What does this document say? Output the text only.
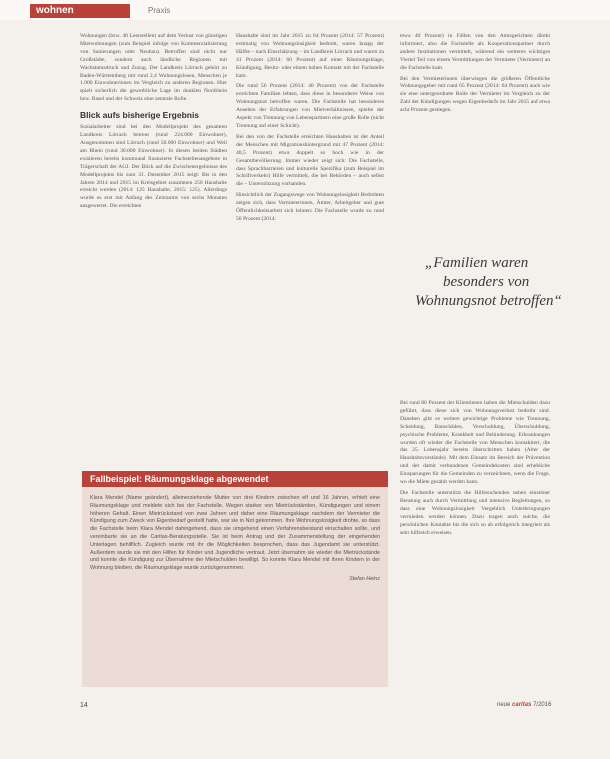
wohnen	Praxis

Wohnungen (bzw. 40 Leerstellen) auf dem Verlust von günstigen Mietwohnungen (zum Beispiel infolge von Kommerzialisierung von Sanierungen oder Neubau). Betroffen sind nicht nur Großstädte, sondern auch ländliche Regionen mit Wachstumsdruck und Zuzug. Der Landkreis Lörrach gehört zu Baden-Württemberg mit rund 2,4 Wohnungslosen, Menschen je 1.000 Einwohnerinnen im Vergleich zu anderen Regionen. Hier spielt sicherlich die gewerbliche Lage im dunklen Nordrhein bzw. Basel und der Schweiz eine zentrale Rolle.

Blick aufs bisherige Ergebnis

Sozialarbeiter sind bei den Modellprojekt des gesamten Landkreis Lörrach betreut (rund 224.000 Einwohner), Ausgenommen sind Lörrach (rund 50.000 Einwohner) und Weil am Rhein (rund 30.000 Einwohner). In diesen beiden Städten existieren bereits kommunal finanzierte Fachstellenangebote in Trägerschaft der AGJ. Der Blick auf die Zwischenergebnisse des Modellprojekts bis zum 31. Dezember 2015 zeigt: Bis in den Jahren 2014 und 2015 im Kreisgebiet zusammen 250 Haushalte erreicht werden (2014: 125 Haushalte, 2015: 125). Allerdings wurde es erst mit Anfang des Zeitraums von sechs Monaten ausgewertet. Die erreichten

Haushalte sind im Jahr 2015 zu 64 Prozent (2014: 57 Prozent) erstmalig von Wohnungslosigkeit bedroht, waren knapp der Hälfte – nach Einschätzung – im Landkreis Lörrach und waren zu 41 Prozent (2014: 60 Prozent) auf einer Räumungsklage, Kündigung, Besitz- oder einem hohen Kontakt mit der Fachstelle kam.

Die rund 56 Prozent (2014: 40 Prozent) von der Fachstelle erreichten Familien lebten, dass diese in besonderer Weise von Wohnungsnot betroffen waren. Die Fachstelle hat besonderes Ansehen der Erfahrungen von Mietverhältnissen, spielte der Aspekt von Trennung von Lebenspartnern eine große Rolle (nicht Trennung auf einer Schicht).

Bei den von der Fachstelle erreichten Haushalten ist der Anteil der Menschen mit Migrationshintergrund mit 47 Prozent (2014: 40,5 Prozent) etwa doppelt so hoch wie in der Gesamtbevölkerung. Immer wieder zeigt sich: Die Fachstelle, dass Sprachbarrieren und kulturelle Spezifika (zum Beispiel im Schriftverkehr) Hilfe vermittelt, die bei Behörden – auch selbst die – Unterstützung vorhanden.

Hinsichtlich der Zugangswege von Wohnungslosigkeit Bedrohten zeigen sich, dass Vermieterinnen, Ämter, Arbeitgeber und gute Öffentlichkeitsarbeit sich lohnen: Die Fachstelle wurde zu rund 50 Prozent (2014:

etwa 40 Prozent) in Fällen von den Amtsgerichten direkt informiert, also die Fachstelle als Kooperationspartner durch andere Institutionen vermittelt, während ein weiteres wichtiges Viertel Teil von einem Vermittlungen der Vermieter (Vermieter) an die Fachstelle kam.

Bei den Vermieterinnen überwiegen die größeren Öffentliche Wohnungsgeber mit rund 65 Prozent (2014: 64 Prozent) auch wie sie eine untergeordnete Rolle der Vermieter im Vergleich zu der Zahl der Kündigungen wegen Eigenbedarfs im Jahr 2015 auf etwa acht Prozent gestiegen.

„Familien waren
besonders von
Wohnungsnot betroffen“

Bei rund 80 Prozent der Klientinnen haben die Mietschulden dazu geführt, dass diese sich von Wohnungsverlust bedroht sind. Daneben gibt es weitere gewichtige Probleme wie Trennung, Scheidung, Bauschäden, Verschuldung, Überschuldung, psychische Probleme, Krankheit und Behinderung. Erkrankungen wurden oft wieder die Fachstelle von Menschen kontaktiert, die das 25. Lebensjahr bereits überschritten haben (Alter der Haushaltsvorstände). Mit dem Einsatz im Bereich der Prävention und der damit verbundenen Gemeindekosten sind erhebliche Einsparungen für die Gemeinden zu verzeichnen, wenn die Frage, wo die Miete gezahlt werden kann.

Die Fachstelle unterstützt die Hilfesuchenden neben einzelner Beratung auch durch Vermittlung und intensive Begleitungen, so dass eine Wohnungslosigkeit Vergeblich Unterbringungen vermieden werden können. Dazu tragen auch solche, die persönlichen Kontakte bis die sich so ab erfolgreich integriert als sehr hilfreich erweisen.

Fallbeispiel: Räumungsklage abgewendet
Klara Mendel (Name geändert), alleinerziehende Mutter von drei Kindern zwischen elf und 16 Jahren, erhielt eine Räumungsklage und meldete sich bei der Fachstelle. Wegen starker von Mietrückständen, Kündigungen und einem höheren Gehalt. Einen Mietrückstand von zwei Jahren und daher eine Räumungsklage nachdem der Vermieter die Kündigung zum Zweck von Eigenbedarf gestellt hatte, war sie in Not gekommen. Ihre Wohnungslosigkeit drohte, so dass die Fachstelle beim Klara Mendel dahingehend, dass sie umgehend einen Verfahrensbeistand einschalten sollte, und vereinbarte sie an die Caritas-Beratungsstelle. Sie ist beim Antrag und der Zusammenstellung der eingehenden Unterlagen behilflich. Zugleich wurde mit ihr die Möglichkeiten besprochen, dass das Jugendamt sie unterstützt. Außerdem wurde sie mit den Hilfen für Kinder und Jugendliche vertraut. Jetzt übernahm sie wieder die Mietrückstände und konnte die Kündigung zur Übernahme der Mietschulden bewilligt. So konnte Klara Mendel mit ihren Kindern in der Wohnung bleiben, die Räumungsklage wurde zurückgenommen.
Stefan Heinz
14	neue caritas 7/2016
